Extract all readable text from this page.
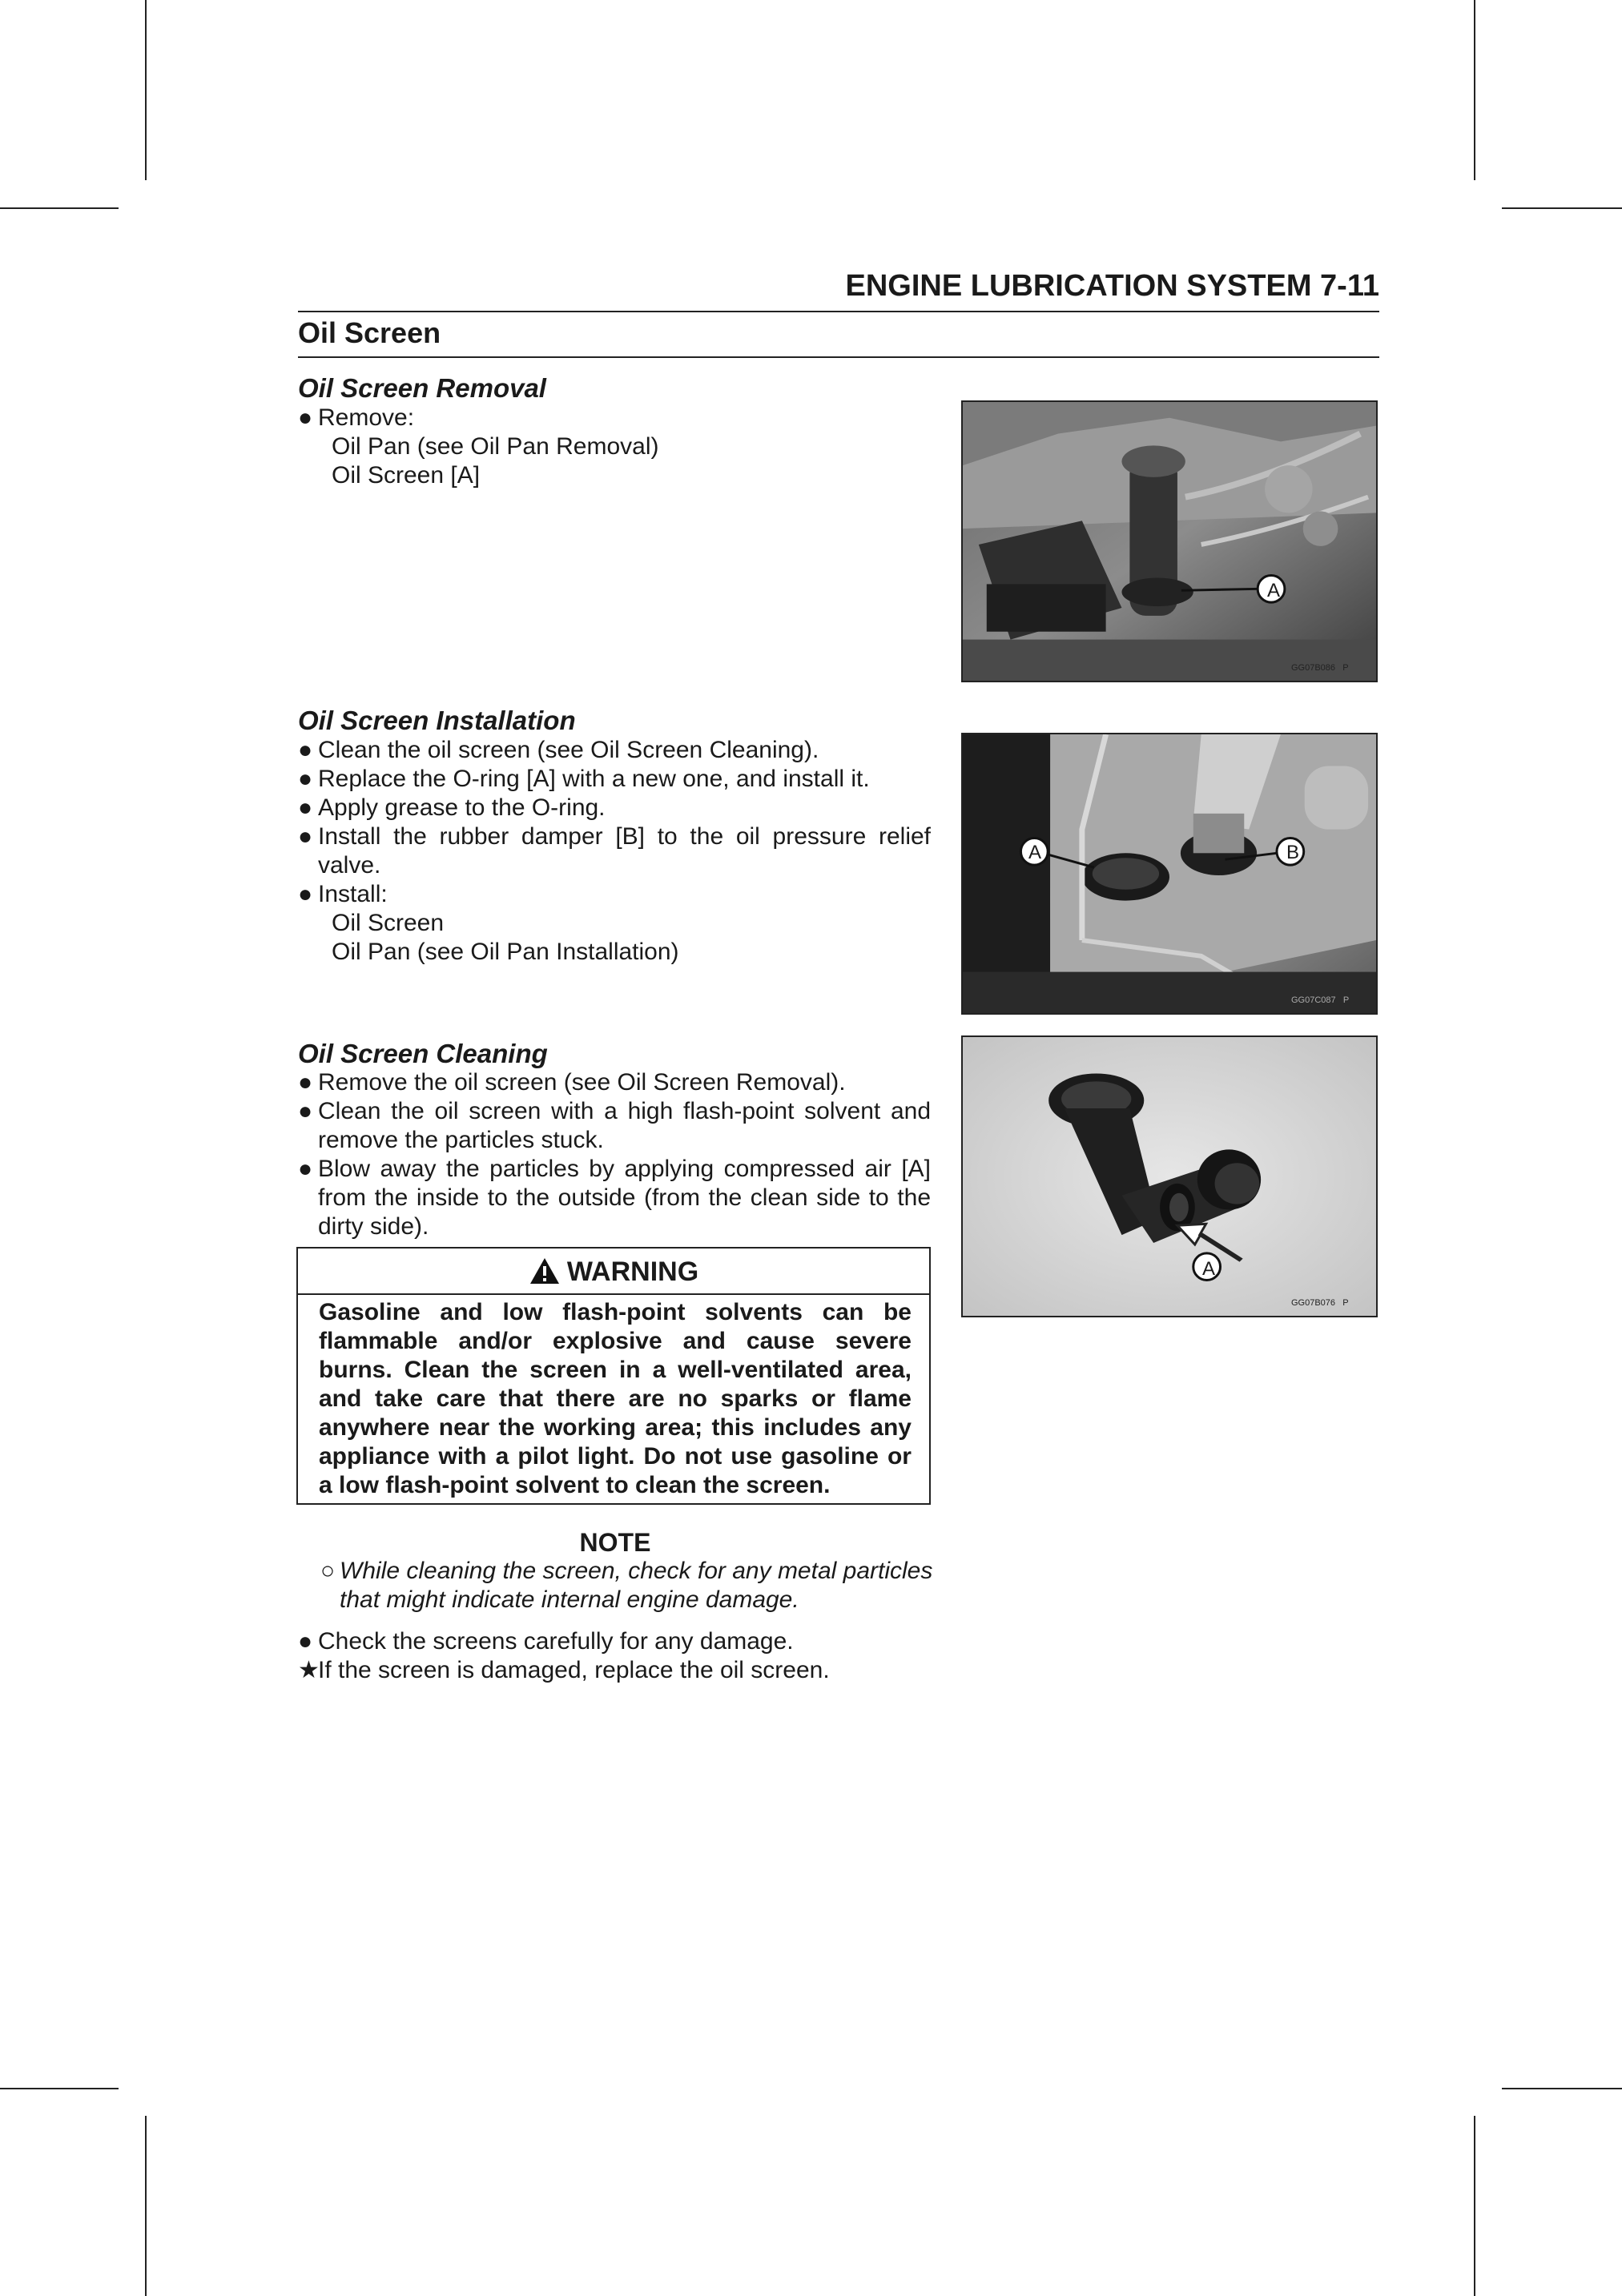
ENGINE LUBRICATION SYSTEM 7-11
Oil Screen
Oil Screen Removal
● Remove:
Oil Pan (see Oil Pan Removal)
Oil Screen [A]
A
GG07B086   P
Oil Screen Installation
● Clean the oil screen (see Oil Screen Cleaning).
● Replace the O-ring [A] with a new one, and install it.
● Apply grease to the O-ring.
● Install the rubber damper [B] to the oil pressure relief
valve.
● Install:
Oil Screen
Oil Pan (see Oil Pan Installation)
A	B
GG07C087   P
Oil Screen Cleaning
● Remove the oil screen (see Oil Screen Removal).
● Clean the oil screen with a high flash-point solvent and
remove the particles stuck.
● Blow away the particles by applying compressed air [A]
from the inside to the outside (from the clean side to the
dirty side).
A
GG07B076   P
WARNING
Gasoline and low flash-point solvents can be
flammable and/or explosive and cause severe
burns. Clean the screen in a well-ventilated area,
and take care that there are no sparks or flame
anywhere near the working area; this includes any
appliance with a pilot light. Do not use gasoline or
a low flash-point solvent to clean the screen.
NOTE
○ While cleaning the screen, check for any metal particles
that might indicate internal engine damage.
● Check the screens carefully for any damage.
★
If the screen is damaged, replace the oil screen.
